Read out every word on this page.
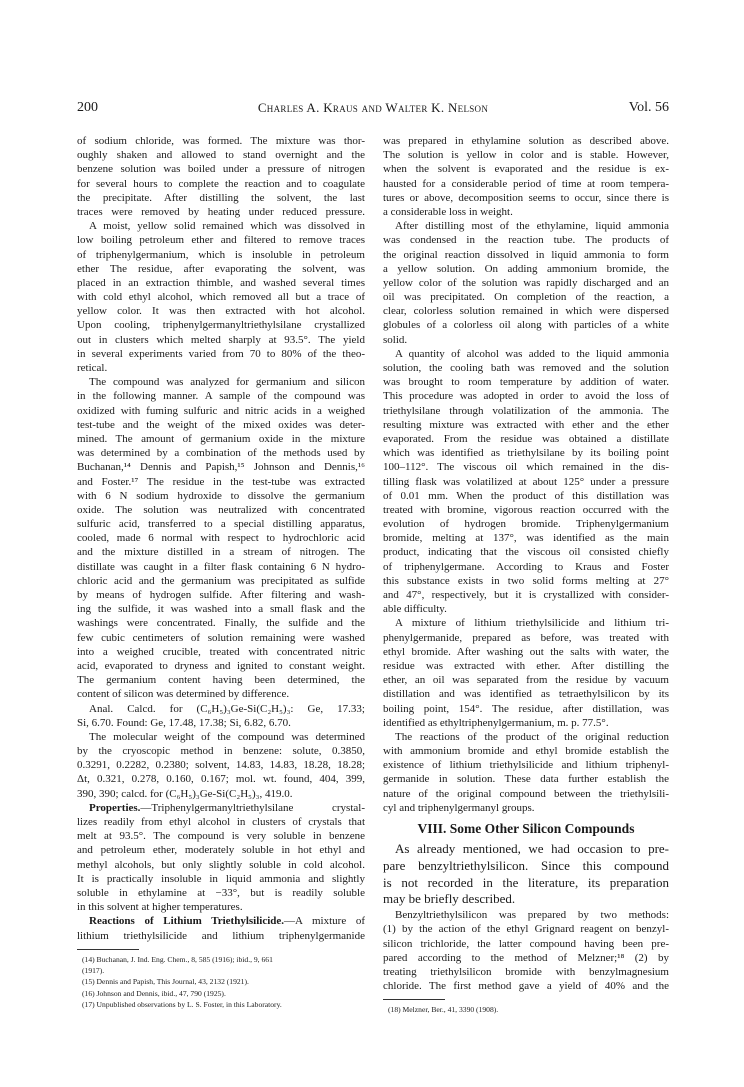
200	Charles A. Kraus and Walter K. Nelson	Vol. 56
of sodium chloride, was formed. The mixture was thor-
oughly shaken and allowed to stand overnight and the
benzene solution was boiled under a pressure of nitrogen
for several hours to complete the reaction and to coagulate
the precipitate. After distilling the solvent, the last
traces were removed by heating under reduced pressure.
A moist, yellow solid remained which was dissolved in
low boiling petroleum ether and filtered to remove traces
of triphenylgermanium, which is insoluble in petroleum
ether The residue, after evaporating the solvent, was
placed in an extraction thimble, and washed several times
with cold ethyl alcohol, which removed all but a trace of
yellow color. It was then extracted with hot alcohol.
Upon cooling, triphenylgermanyltriethylsilane crystallized
out in clusters which melted sharply at 93.5°. The yield
in several experiments varied from 70 to 80% of the theo-
retical.
The compound was analyzed for germanium and silicon
in the following manner. A sample of the compound was
oxidized with fuming sulfuric and nitric acids in a weighed
test-tube and the weight of the mixed oxides was deter-
mined. The amount of germanium oxide in the mixture
was determined by a combination of the methods used by
Buchanan,¹⁴ Dennis and Papish,¹⁵ Johnson and Dennis,¹⁶
and Foster.¹⁷ The residue in the test-tube was extracted
with 6 N sodium hydroxide to dissolve the germanium
oxide. The solution was neutralized with concentrated
sulfuric acid, transferred to a special distilling apparatus,
cooled, made 6 normal with respect to hydrochloric acid
and the mixture distilled in a stream of nitrogen. The
distillate was caught in a filter flask containing 6 N hydro-
chloric acid and the germanium was precipitated as sulfide
by means of hydrogen sulfide. After filtering and wash-
ing the sulfide, it was washed into a small flask and the
washings were concentrated. Finally, the sulfide and the
few cubic centimeters of solution remaining were washed
into a weighed crucible, treated with concentrated nitric
acid, evaporated to dryness and ignited to constant weight.
The germanium content having been determined, the
content of silicon was determined by difference.
Anal. Calcd. for (C₆H₅)₃Ge-Si(C₂H₅)₃: Ge, 17.33;
Si, 6.70. Found: Ge, 17.48, 17.38; Si, 6.82, 6.70.
The molecular weight of the compound was determined
by the cryoscopic method in benzene: solute, 0.3850,
0.3291, 0.2282, 0.2380; solvent, 14.83, 14.83, 18.28, 18.28;
Δt, 0.321, 0.278, 0.160, 0.167; mol. wt. found, 404, 399,
390, 390; calcd. for (C₆H₅)₃Ge-Si(C₂H₅)₃, 419.0.
Properties.—Triphenylgermanyltriethylsilane crystal-
lizes readily from ethyl alcohol in clusters of crystals that
melt at 93.5°. The compound is very soluble in benzene
and petroleum ether, moderately soluble in hot ethyl and
methyl alcohols, but only slightly soluble in cold alcohol.
It is practically insoluble in liquid ammonia and slightly
soluble in ethylamine at −33°, but is readily soluble
in this solvent at higher temperatures.
Reactions of Lithium Triethylsilicide.—A mixture of
lithium triethylsilicide and lithium triphenylgermanide
(14) Buchanan, J. Ind. Eng. Chem., 8, 585 (1916); ibid., 9, 661
(1917).
(15) Dennis and Papish, This Journal, 43, 2132 (1921).
(16) Johnson and Dennis, ibid., 47, 790 (1925).
(17) Unpublished observations by L. S. Foster, in this Laboratory.
was prepared in ethylamine solution as described above.
The solution is yellow in color and is stable. However,
when the solvent is evaporated and the residue is ex-
hausted for a considerable period of time at room tempera-
tures or above, decomposition seems to occur, since there is
a considerable loss in weight.
After distilling most of the ethylamine, liquid ammonia
was condensed in the reaction tube. The products of
the original reaction dissolved in liquid ammonia to form
a yellow solution. On adding ammonium bromide, the
yellow color of the solution was rapidly discharged and an
oil was precipitated. On completion of the reaction, a
clear, colorless solution remained in which were dispersed
globules of a colorless oil along with particles of a white
solid.
A quantity of alcohol was added to the liquid ammonia
solution, the cooling bath was removed and the solution
was brought to room temperature by addition of water.
This procedure was adopted in order to avoid the loss of
triethylsilane through volatilization of the ammonia. The
resulting mixture was extracted with ether and the ether
evaporated. From the residue was obtained a distillate
which was identified as triethylsilane by its boiling point
100–112°. The viscous oil which remained in the dis-
tilling flask was volatilized at about 125° under a pressure
of 0.01 mm. When the product of this distillation was
treated with bromine, vigorous reaction occurred with the
evolution of hydrogen bromide. Triphenylgermanium
bromide, melting at 137°, was identified as the main
product, indicating that the viscous oil consisted chiefly
of triphenylgermane. According to Kraus and Foster
this substance exists in two solid forms melting at 27°
and 47°, respectively, but it is crystallized with consider-
able difficulty.
A mixture of lithium triethylsilicide and lithium tri-
phenylgermanide, prepared as before, was treated with
ethyl bromide. After washing out the salts with water, the
residue was extracted with ether. After distilling the
ether, an oil was separated from the residue by vacuum
distillation and was identified as tetraethylsilicon by its
boiling point, 154°. The residue, after distillation, was
identified as ethyltriphenylgermanium, m. p. 77.5°.
The reactions of the product of the original reduction
with ammonium bromide and ethyl bromide establish the
existence of lithium triethylsilicide and lithium triphenyl-
germanide in solution. These data further establish the
nature of the original compound between the triethylsili-
cyl and triphenylgermanyl groups.
VIII. Some Other Silicon Compounds
As already mentioned, we had occasion to pre-
pare benzyltriethylsilicon. Since this compound
is not recorded in the literature, its preparation
may be briefly described.
Benzyltriethylsilicon was prepared by two methods:
(1) by the action of the ethyl Grignard reagent on benzyl-
silicon trichloride, the latter compound having been pre-
pared according to the method of Melzner;¹⁸ (2) by
treating triethylsilicon bromide with benzylmagnesium
chloride. The first method gave a yield of 40% and the
(18) Melzner, Ber., 41, 3390 (1908).
